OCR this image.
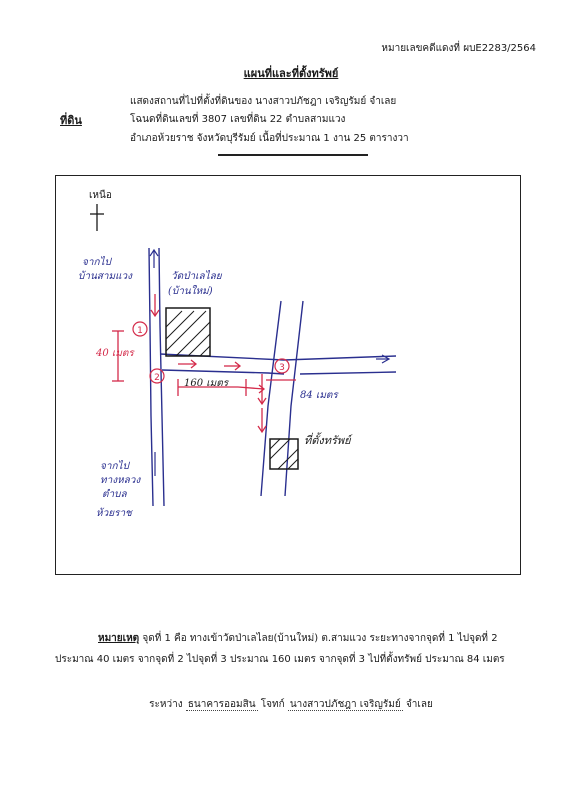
หมายเลขคดีแดงที่ ผบE2283/2564
แผนที่และที่ตั้งทรัพย์
ที่ดิน
แสดงสถานที่ไปที่ตั้งที่ดินของ นางสาวปภัชฎา เจริญรัมย์ จำเลย
โฉนดที่ดินเลขที่ 3807 เลขที่ดิน 22 ตำบลสามแวง
อำเภอห้วยราช จังหวัดบุรีรัมย์ เนื้อที่ประมาณ 1 งาน 25 ตารางวา
เหนือ
1
2
3
จากไป
บ้านสามแวง	วัดป่าเลไลย
(บ้านใหม่)
จากไป
ทางหลวง
ตำบล
ห้วยราช
40 เมตร
160 เมตร
84 เมตร
ที่ตั้งทรัพย์
หมายเหตุ จุดที่ 1 คือ ทางเข้าวัดป่าเลไลย(บ้านใหม่) ต.สามแวง ระยะทางจากจุดที่ 1 ไปจุดที่ 2
ประมาณ 40 เมตร จากจุดที่ 2 ไปจุดที่ 3 ประมาณ 160 เมตร จากจุดที่ 3 ไปที่ตั้งทรัพย์ ประมาณ 84 เมตร
ระหว่าง ธนาคารออมสิน โจทก์ นางสาวปภัชฎา เจริญรัมย์ จำเลย
